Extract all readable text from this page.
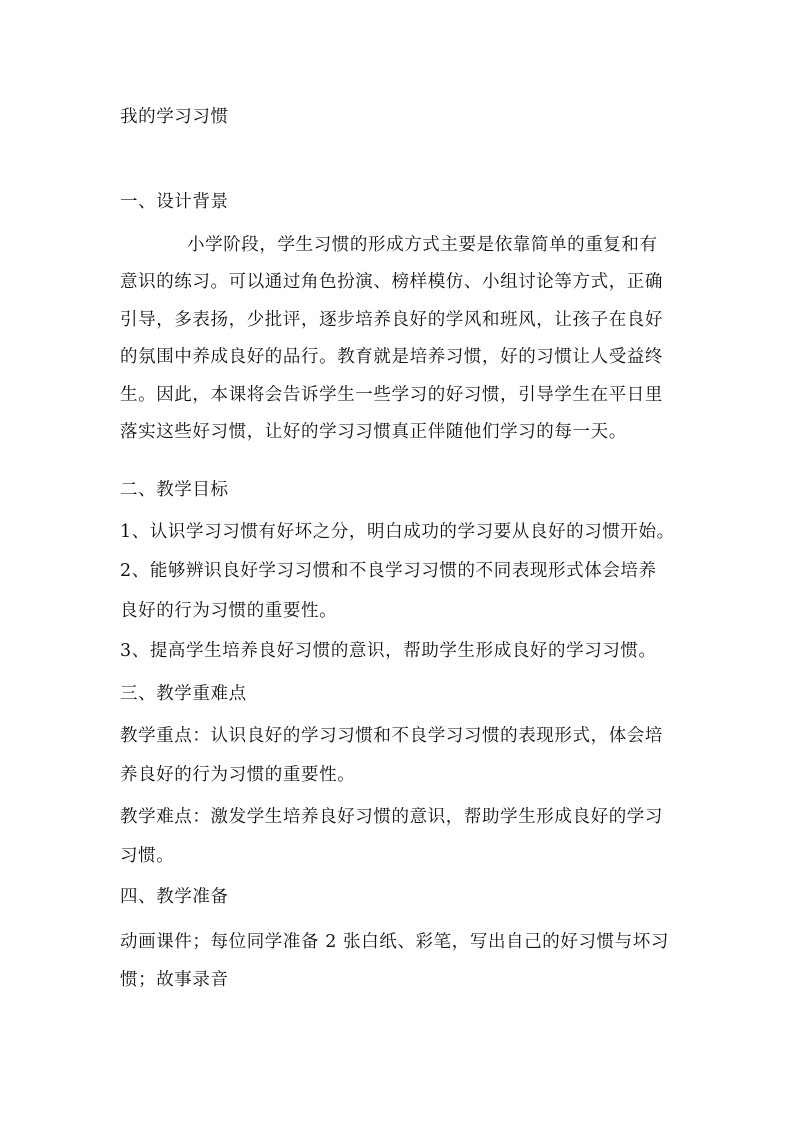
我的学习习惯
一、设计背景
小学阶段，学生习惯的形成方式主要是依靠简单的重复和有
意识的练习。可以通过角色扮演、榜样模仿、小组讨论等方式，正确
引导，多表扬，少批评，逐步培养良好的学风和班风，让孩子在良好
的氛围中养成良好的品行。教育就是培养习惯，好的习惯让人受益终
生。因此，本课将会告诉学生一些学习的好习惯，引导学生在平日里
落实这些好习惯，让好的学习习惯真正伴随他们学习的每一天。
二、教学目标
1、认识学习习惯有好坏之分，明白成功的学习要从良好的习惯开始。
2、能够辨识良好学习习惯和不良学习习惯的不同表现形式体会培养
良好的行为习惯的重要性。
3、提高学生培养良好习惯的意识，帮助学生形成良好的学习习惯。
三、教学重难点
教学重点：认识良好的学习习惯和不良学习习惯的表现形式，体会培
养良好的行为习惯的重要性。
教学难点：激发学生培养良好习惯的意识，帮助学生形成良好的学习
习惯。
四、教学准备
动画课件；每位同学准备 2 张白纸、彩笔，写出自己的好习惯与坏习
惯；故事录音
